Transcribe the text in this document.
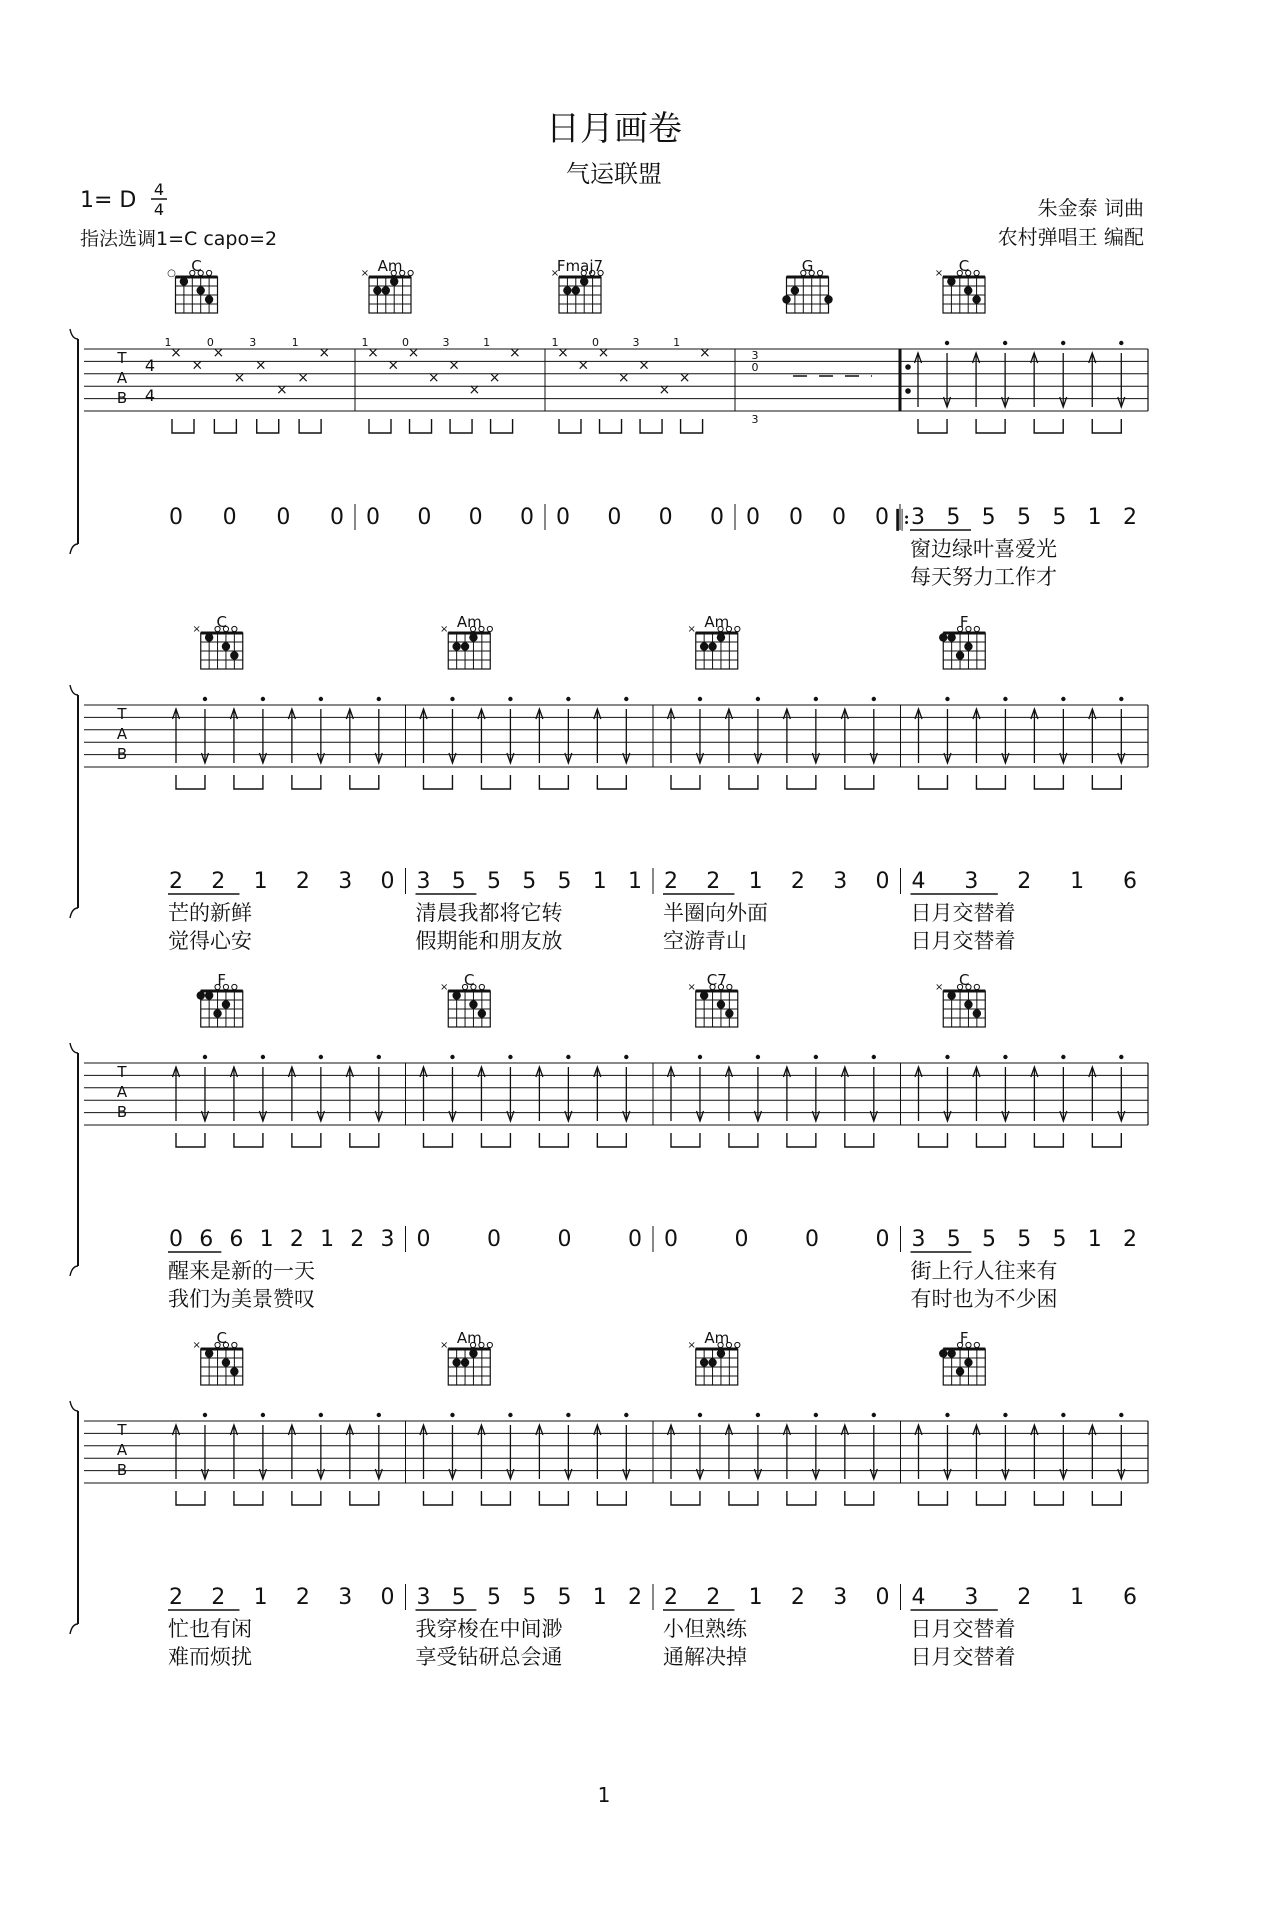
日月画卷
气运联盟
1= D 4
4
指法选调1=C capo=2
朱金泰 词曲
农村弹唱王 编配
T
A
B
4
4
𝄆
C
○	Am
×	Fmaj7
×	G	C
×
×
×
×
×
×
×
×
×
1	0	3	1
0 0 0 0
×
×
×
×
×
×
×
×
1	0	3	1
0 0 0 0
×
×
×
×
×
×
×
×
1	0	3	1
0 0 0 0
3
0
3
0 0 0 0 3 5 5 5 5 1 2
窗边绿叶喜爱光
每天努力工作才
T
A
B
C
×	Am
×	Am
×	F
2 2 1 2 3 0
芒的新鲜
觉得心安
3 5 5 5 5 1 1
清晨我都将它转
假期能和朋友放
2 2 1 2 3 0
半圈向外面
空游青山
4 3 2 1 6
日月交替着
日月交替着
T
A
B
F	C
×	C7
×	C
×
0 6 6 1 2 1 2 3
醒来是新的一天
我们为美景赞叹
0	0	0	0 0	0	0	0 3 5 5 5 5 1 2
街上行人往来有
有时也为不少困
T
A
B
C
×	Am
×	Am
×	F
2 2 1 2 3 0
忙也有闲
难而烦扰
3 5 5 5 5 1 2
我穿梭在中间渺
享受钻研总会通
2 2 1 2 3 0
小但熟练
通解决掉
4 3 2 1 6
日月交替着
日月交替着
1
